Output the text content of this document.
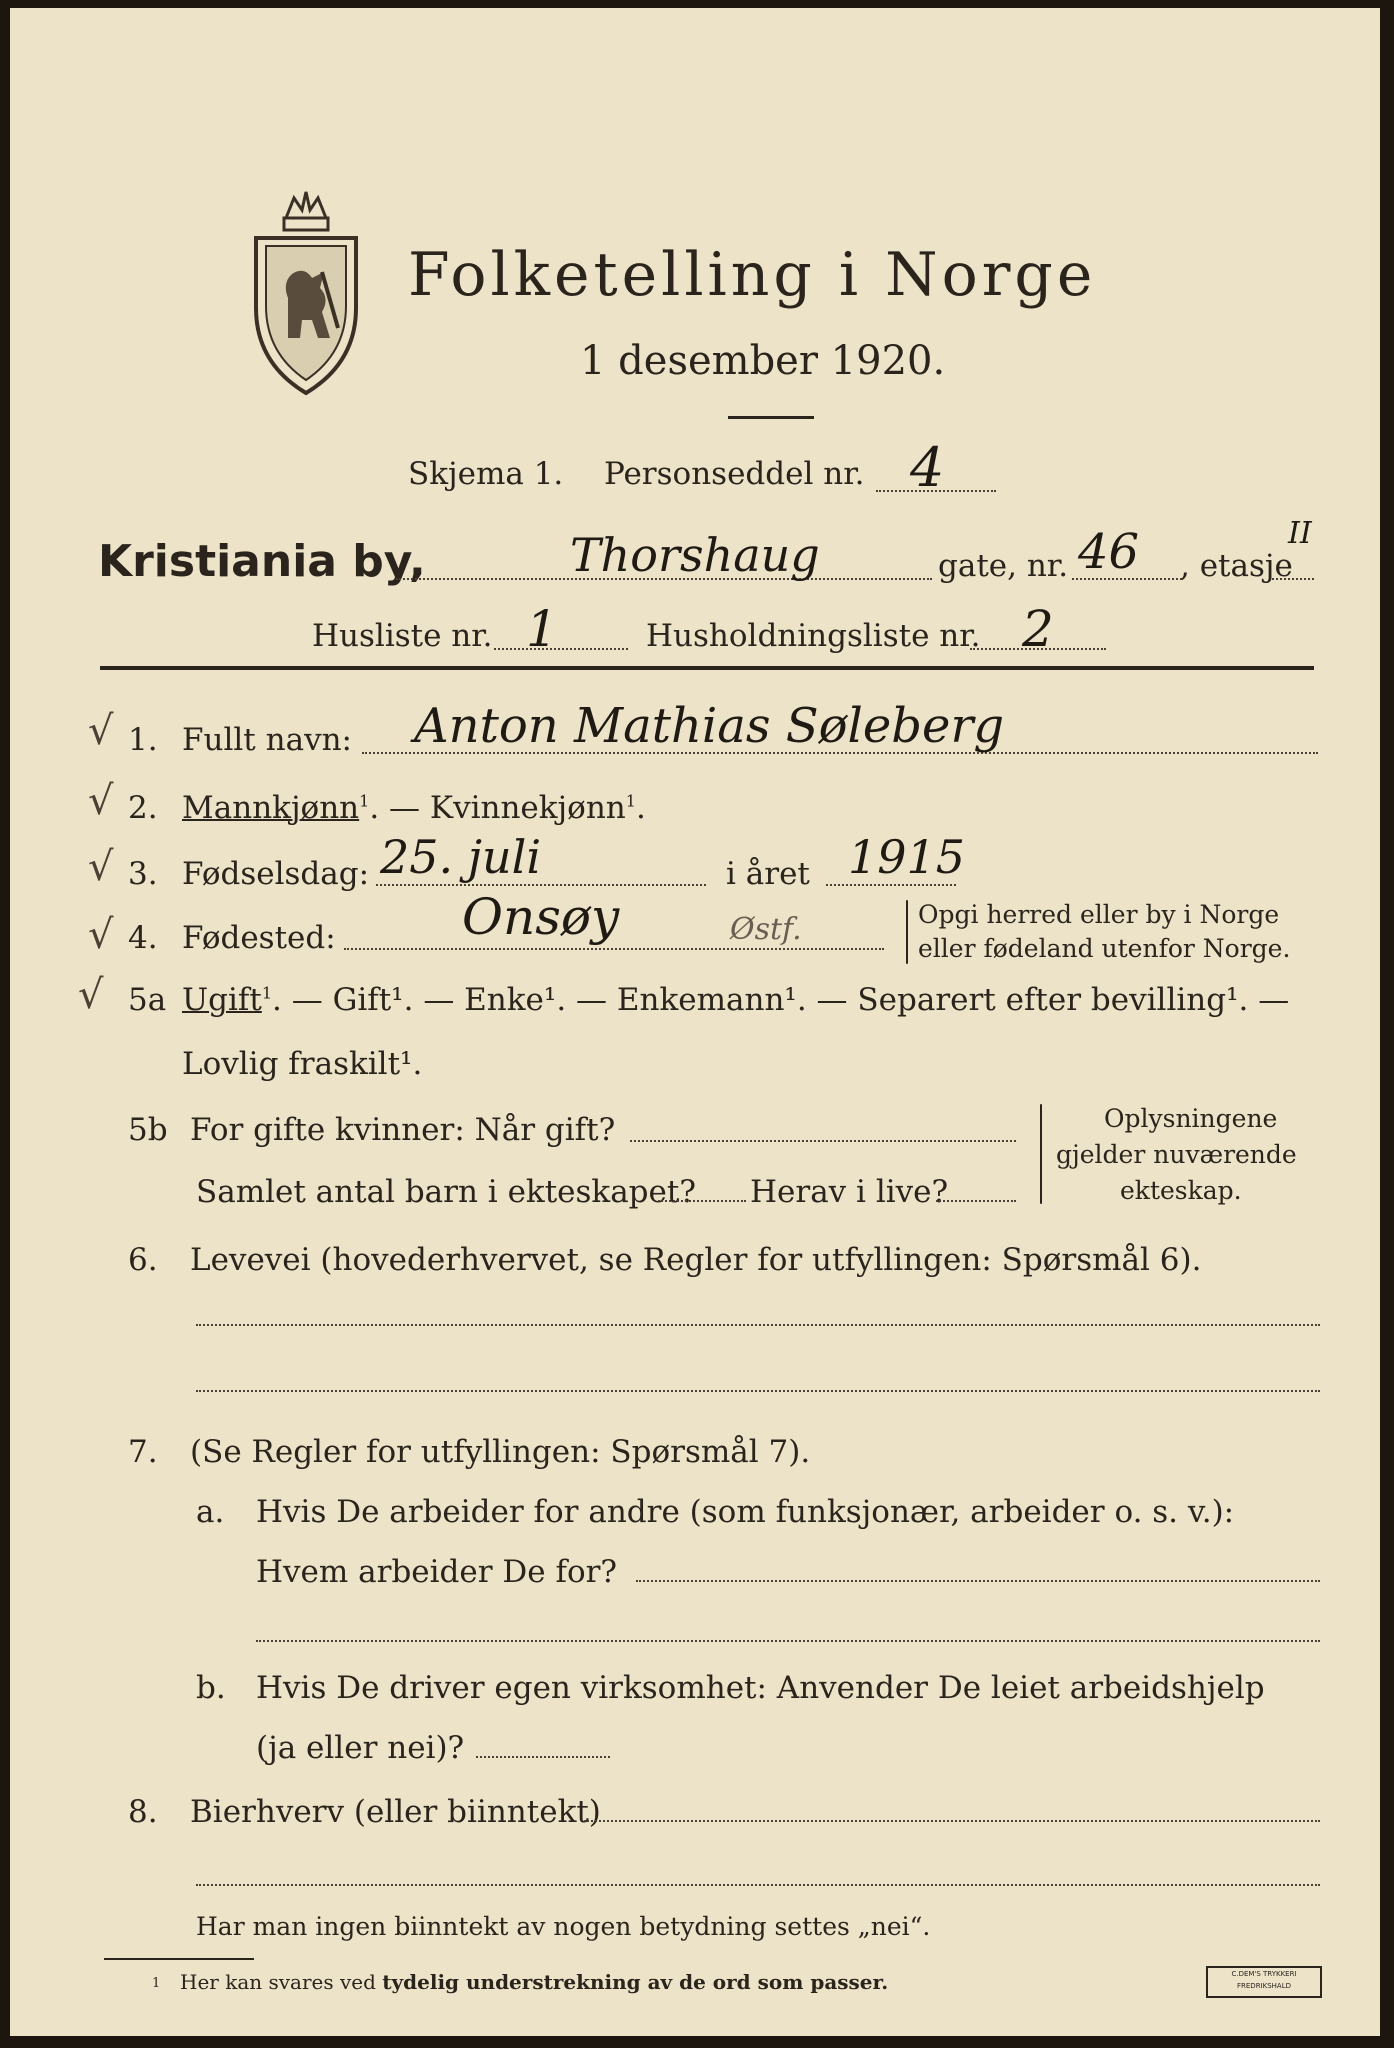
Folketelling i Norge
1 desember 1920.
Skjema 1. Personseddel nr. 4
Kristiania by,	Thorshaug	gate, nr. 46 , etasje
II
Husliste nr. 1	Husholdningsliste nr. 2
√ 1. Fullt navn: Anton Mathias Søleberg
√ 2. Mannkjønn$^1$. — Kvinnekjønn$^1$.
√ 3. Fødselsdag: 25. juli	i året 1915
√ 4. Fødested:	Onsøy	Østf.	Opgi herred eller by i Norge
eller fødeland utenfor Norge.
√ 5a Ugift$^1$. — Gift¹. — Enke¹. — Enkemann¹. — Separert efter bevilling¹. —
Lovlig fraskilt¹.
5b For gifte kvinner: Når gift?
Samlet antal barn i ekteskapet? Herav i live?
Oplysningene
gjelder nuværende
ekteskap.
6. Levevei (hovederhvervet, se Regler for utfyllingen: Spørsmål 6).
7. (Se Regler for utfyllingen: Spørsmål 7).
a. Hvis De arbeider for andre (som funksjonær, arbeider o. s. v.):
Hvem arbeider De for?
b. Hvis De driver egen virksomhet: Anvender De leiet arbeidshjelp
(ja eller nei)?
8. Bierhverv (eller biinntekt)
Har man ingen biinntekt av nogen betydning settes „nei“.
1 Her kan svares ved tydelig understrekning av de ord som passer.	C.DEM'S TRYKKERI
FREDRIKSHALD
